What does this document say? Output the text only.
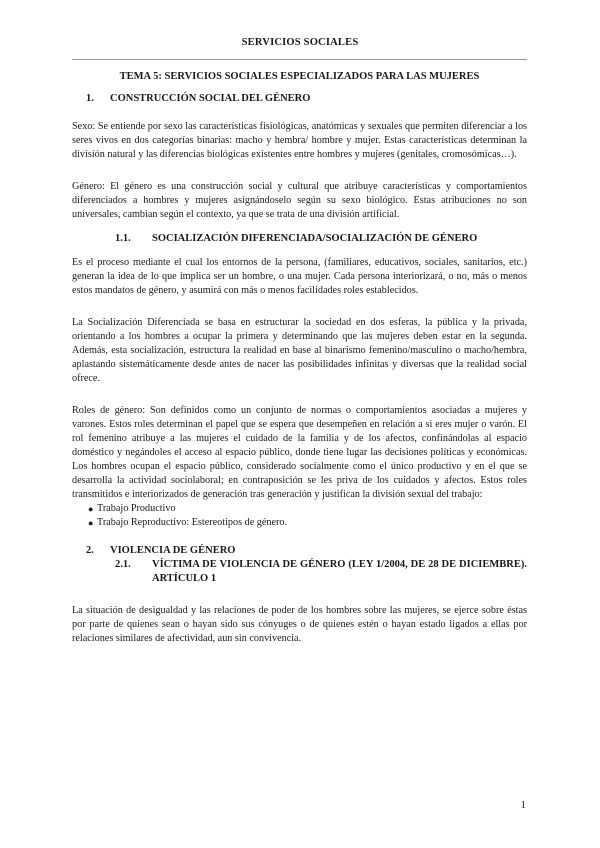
SERVICIOS SOCIALES
TEMA 5: SERVICIOS SOCIALES ESPECIALIZADOS PARA LAS MUJERES
1.	CONSTRUCCIÓN SOCIAL DEL GÉNERO

Sexo: Se entiende por sexo las características fisiológicas, anatómicas y sexuales que permiten diferenciar a los seres vivos en dos categorías binarias: macho y hembra/ hombre y mujer. Estas características determinan la división natural y las diferencias biológicas existentes entre hombres y mujeres (genitales, cromosómicas…).

Género: El género es una construcción social y cultural que atribuye características y comportamientos diferenciados a hombres y mujeres asignándoselo según su sexo biológico. Estas atribuciones no son universales, cambian según el contexto, ya que se trata de una división artificial.

1.1.	SOCIALIZACIÓN DIFERENCIADA/SOCIALIZACIÓN DE GÉNERO

Es el proceso mediante el cual los entornos de la persona, (familiares, educativos, sociales, sanitarios, etc.) generan la idea de lo que implica ser un hombre, o una mujer. Cada persona interiorizará, o no, más o menos estos mandatos de género, y asumirá con más o menos facilidades roles establecidos.

La Socialización Diferenciada se basa en estructurar la sociedad en dos esferas, la pública y la privada, orientando a los hombres a ocupar la primera y determinando que las mujeres deben estar en la segunda. Además, esta socialización, estructura la realidad en base al binarismo femenino/masculino o macho/hembra, aplastando sistemáticamente desde antes de nacer las posibilidades infinitas y diversas que la realidad social ofrece.

Roles de género: Son definidos como un conjunto de normas o comportamientos asociadas a mujeres y varones. Estos roles determinan el papel que se espera que desempeñen en relación a si eres mujer o varón. El rol femenino atribuye a las mujeres el cuidado de la familia y de los afectos, confinándolas al espacio doméstico y negándoles el acceso al espacio público, donde tiene lugar las decisiones políticas y económicas. Los hombres ocupan el espacio público, considerado socialmente como el único productivo y en el que se desarrolla la actividad sociolaboral; en contraposición se les priva de los cuidados y afectos. Estos roles transmitidos e interiorizados de generación tras generación y justifican la división sexual del trabajo:

● Trabajo Productivo
● Trabajo Reproductivo: Estereotipos de género.
2.	VIOLENCIA DE GÉNERO
2.1.	VÍCTIMA DE VIOLENCIA DE GÉNERO (LEY 1/2004, DE 28 DE DICIEMBRE). ARTÍCULO 1

La situación de desigualdad y las relaciones de poder de los hombres sobre las mujeres, se ejerce sobre éstas por parte de quienes sean o hayan sido sus cónyuges o de quienes estén o hayan estado ligados a ellas por relaciones similares de afectividad, aun sin convivencia.

1
